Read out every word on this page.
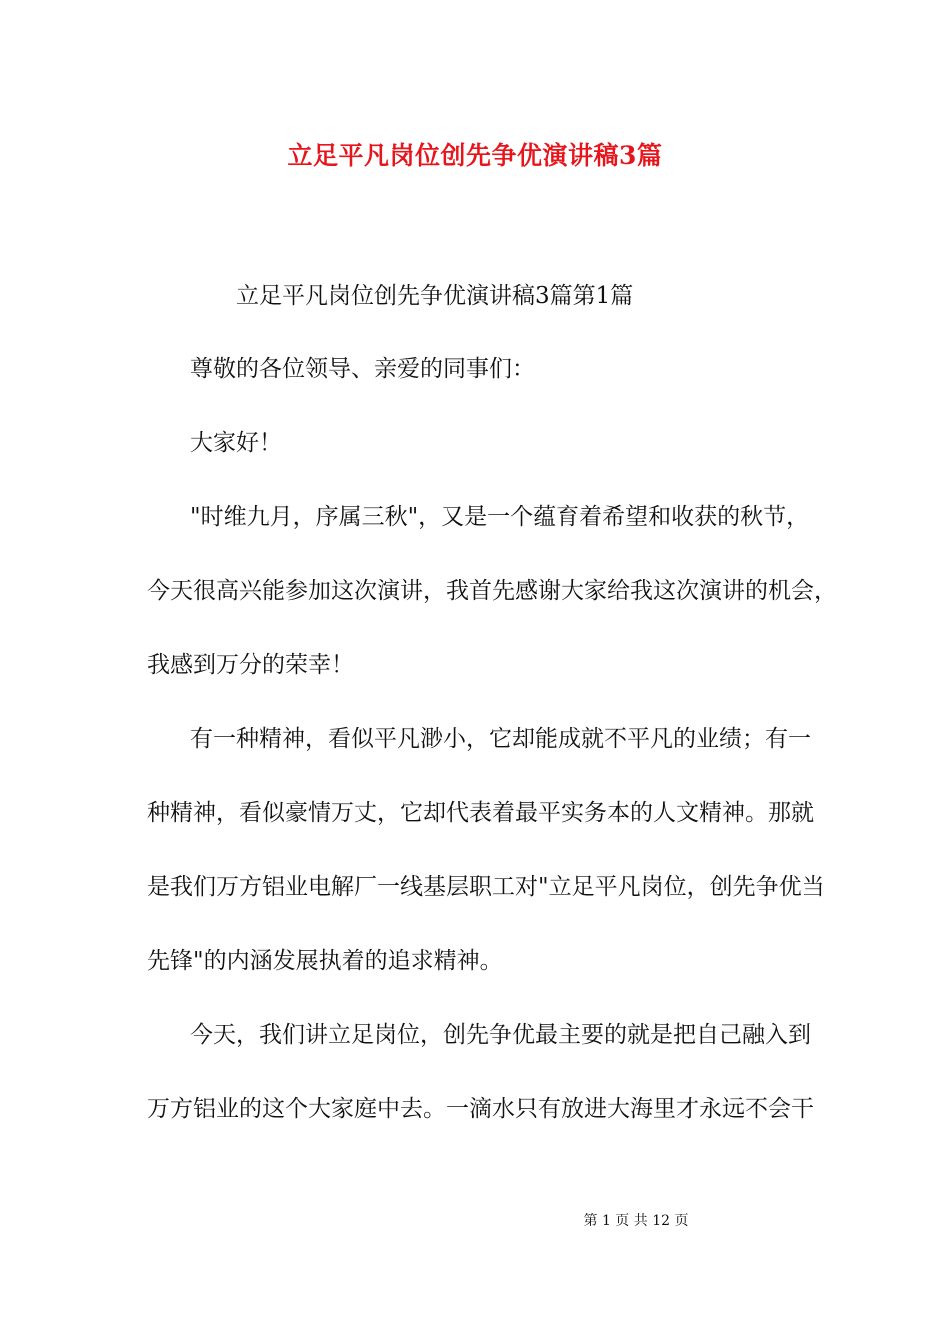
立足平凡岗位创先争优演讲稿3篇

立足平凡岗位创先争优演讲稿3篇第1篇

尊敬的各位领导、亲爱的同事们：

大家好！

"时维九月，序属三秋"，又是一个蕴育着希望和收获的秋节，

今天很高兴能参加这次演讲，我首先感谢大家给我这次演讲的机会，

我感到万分的荣幸！

有一种精神，看似平凡渺小，它却能成就不平凡的业绩；有一

种精神，看似豪情万丈，它却代表着最平实务本的人文精神。那就

是我们万方铝业电解厂一线基层职工对"立足平凡岗位，创先争优当

先锋"的内涵发展执着的追求精神。

今天，我们讲立足岗位，创先争优最主要的就是把自己融入到

万方铝业的这个大家庭中去。一滴水只有放进大海里才永远不会干

第 1 页 共 12 页
